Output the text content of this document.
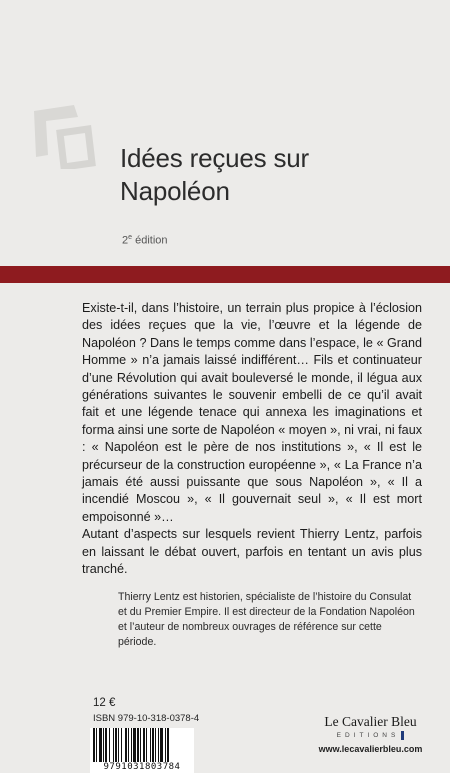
Idées reçues sur Napoléon
2e édition

Existe-t-il, dans l’histoire, un terrain plus propice à l’éclosion des idées reçues que la vie, l’œuvre et la légende de Napoléon ? Dans le temps comme dans l’espace, le « Grand Homme » n’a jamais laissé indifférent… Fils et continuateur d’une Révolution qui avait bouleversé le monde, il légua aux générations suivantes le souvenir embelli de ce qu’il avait fait et une légende tenace qui annexa les imaginations et forma ainsi une sorte de Napoléon « moyen », ni vrai, ni faux : « Napoléon est le père de nos institutions », « Il est le précurseur de la construction européenne », « La France n’a jamais été aussi puissante que sous Napoléon », « Il a incendié Moscou », « Il gouvernait seul », « Il est mort empoisonné »…

Autant d’aspects sur lesquels revient Thierry Lentz, parfois en laissant le débat ouvert, parfois en tentant un avis plus tranché.

Thierry Lentz est historien, spécialiste de l’histoire du Consulat et du Premier Empire. Il est directeur de la Fondation Napoléon et l’auteur de nombreux ouvrages de référence sur cette période.
12 €
ISBN 979-10-318-0378-4
9791031803784
Le Cavalier Bleu
EDITIONS
www.lecavalierbleu.com
